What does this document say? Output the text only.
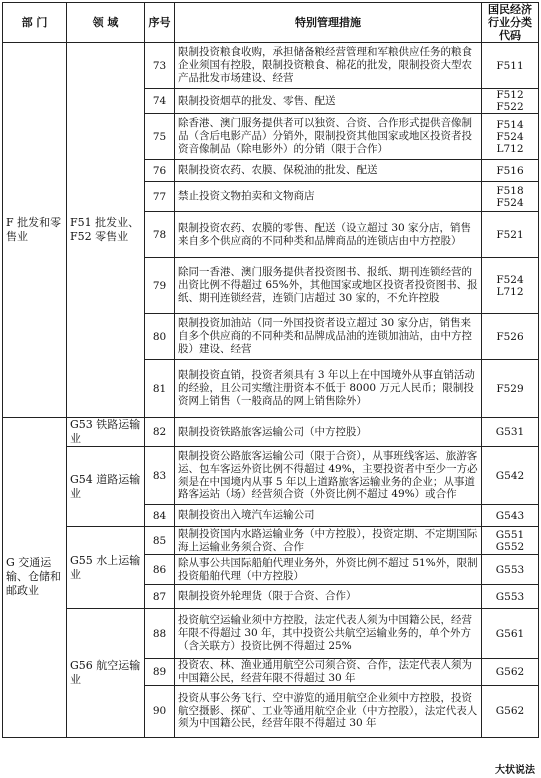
部 门	领 域	序号	特别管理措施	国民经济
行业分类
代码

F 批发和零售业	F51 批发业、F52 零售业	73	限制投资粮食收购，承担储备粮经营管理和军粮供应任务的粮食企业须国有控股，限制投资粮食、棉花的批发，限制投资大型农产品批发市场建设、经营	F511

		74	限制投资烟草的批发、零售、配送	F512
F522

		75	除香港、澳门服务提供者可以独资、合资、合作形式提供音像制品（含后电影产品）分销外，限制投资其他国家或地区投资者投资音像制品（除电影外）的分销（限于合作）	F514
F524
L712

		76	限制投资农药、农膜、保税油的批发、配送	F516

		77	禁止投资文物拍卖和文物商店	F518
F524

		78	限制投资农药、农膜的零售、配送（设立超过 30 家分店，销售来自多个供应商的不同种类和品牌商品的连锁店由中方控股）	F521

		79	除同一香港、澳门服务提供者投资图书、报纸、期刊连锁经营的出资比例不得超过 65%外，其他国家或地区投资者投资图书、报纸、期刊连锁经营，连锁门店超过 30 家的，不允许控股	F524
L712

		80	限制投资加油站（同一外国投资者设立超过 30 家分店，销售来自多个供应商的不同种类和品牌成品油的连锁加油站，由中方控股）建设、经营	F526

		81	限制投资直销，投资者须具有 3 年以上在中国境外从事直销活动的经验，且公司实缴注册资本不低于 8000 万元人民币；限制投资网上销售（一般商品的网上销售除外）	F529

G 交通运输、仓储和邮政业	G53 铁路运输业	82	限制投资铁路旅客运输公司（中方控股）	G531

	G54 道路运输业	83	限制投资公路旅客运输公司（限于合资），从事班线客运、旅游客运、包车客运外资比例不得超过 49%，主要投资者中至少一方必须是在中国境内从事 5 年以上道路旅客运输业务的企业；从事道路客运站（场）经营须合资（外资比例不超过 49%）或合作	G542

		84	限制投资出入境汽车运输公司	G543

	G55 水上运输业	85	限制投资国内水路运输业务（中方控股），投资定期、不定期国际海上运输业务须合资、合作	G551
G552

		86	除从事公共国际船舶代理业务外，外资比例不超过 51%外，限制投资船舶代理（中方控股）	G553

		87	限制投资外轮理货（限于合资、合作）	G553

	G56 航空运输业	88	投资航空运输业须中方控股，法定代表人须为中国籍公民，经营年限不得超过 30 年，其中投资公共航空运输业务的，单个外方（含关联方）投资比例不得超过 25%	G561

		89	投资农、林、渔业通用航空公司须合资、合作，法定代表人须为中国籍公民，经营年限不得超过 30 年	G562

		90	投资从事公务飞行、空中游览的通用航空企业须中方控股，投资航空摄影、探矿、工业等通用航空企业（中方控股），法定代表人须为中国籍公民，经营年限不得超过 30 年	G562
大状说法
